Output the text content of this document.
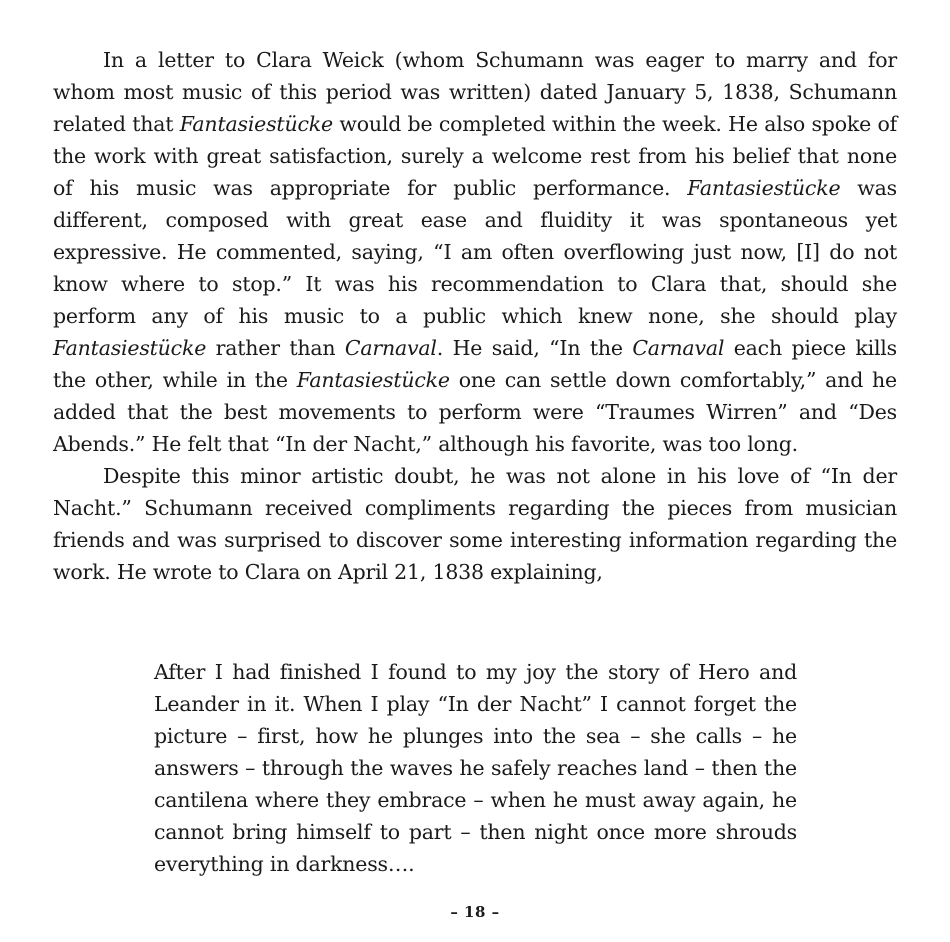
In a letter to Clara Weick (whom Schumann was eager to marry and for whom most music of this period was written) dated January 5, 1838, Schumann related that Fantasiestücke would be completed within the week. He also spoke of the work with great satisfaction, surely a welcome rest from his belief that none of his music was appropriate for public performance. Fantasiestücke was different, composed with great ease and fluidity it was spontaneous yet expressive. He commented, saying, “I am often overflowing just now, [I] do not know where to stop.” It was his recommendation to Clara that, should she perform any of his music to a public which knew none, she should play Fantasiestücke rather than Carnaval. He said, “In the Carnaval each piece kills the other, while in the Fantasiestücke one can settle down comfortably,” and he added that the best movements to perform were “Traumes Wirren” and “Des Abends.” He felt that “In der Nacht,” although his favorite, was too long.

Despite this minor artistic doubt, he was not alone in his love of “In der Nacht.” Schumann received compliments regarding the pieces from musician friends and was surprised to discover some interesting information regarding the work. He wrote to Clara on April 21, 1838 explaining,

After I had finished I found to my joy the story of Hero and Leander in it. When I play “In der Nacht” I cannot forget the picture – first, how he plunges into the sea – she calls – he answers – through the waves he safely reaches land – then the cantilena where they embrace – when he must away again, he cannot bring himself to part – then night once more shrouds everything in darkness….

– 18 –
